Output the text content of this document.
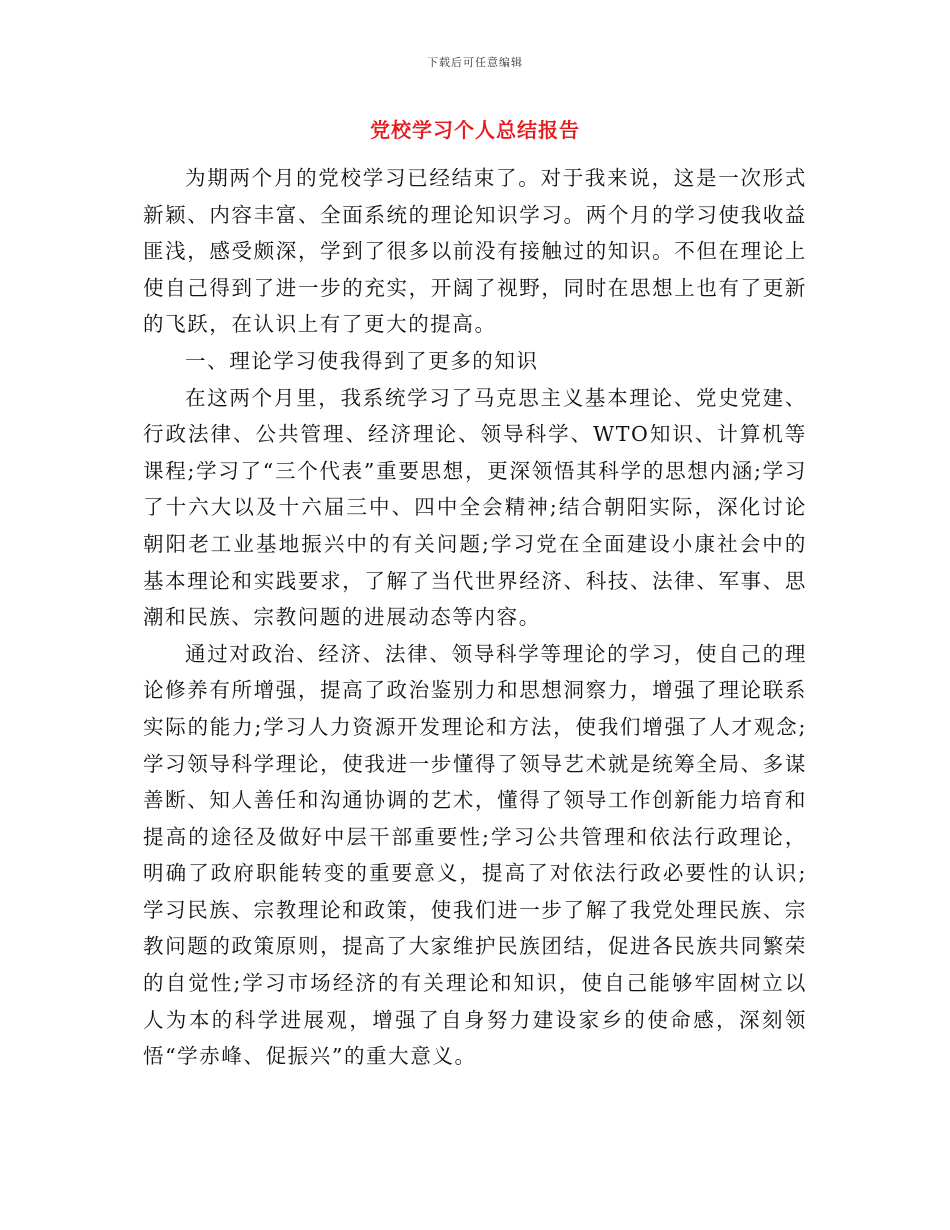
下载后可任意编辑
党校学习个人总结报告

为期两个月的党校学习已经结束了。对于我来说，这是一次形式新颖、内容丰富、全面系统的理论知识学习。两个月的学习使我收益匪浅，感受颇深，学到了很多以前没有接触过的知识。不但在理论上使自己得到了进一步的充实，开阔了视野，同时在思想上也有了更新的飞跃，在认识上有了更大的提高。

一、理论学习使我得到了更多的知识

在这两个月里，我系统学习了马克思主义基本理论、党史党建、行政法律、公共管理、经济理论、领导科学、WTO知识、计算机等课程;学习了“三个代表”重要思想，更深领悟其科学的思想内涵;学习了十六大以及十六届三中、四中全会精神;结合朝阳实际，深化讨论朝阳老工业基地振兴中的有关问题;学习党在全面建设小康社会中的基本理论和实践要求，了解了当代世界经济、科技、法律、军事、思潮和民族、宗教问题的进展动态等内容。

通过对政治、经济、法律、领导科学等理论的学习，使自己的理论修养有所增强，提高了政治鉴别力和思想洞察力，增强了理论联系实际的能力;学习人力资源开发理论和方法，使我们增强了人才观念;学习领导科学理论，使我进一步懂得了领导艺术就是统筹全局、多谋善断、知人善任和沟通协调的艺术，懂得了领导工作创新能力培育和提高的途径及做好中层干部重要性;学习公共管理和依法行政理论，明确了政府职能转变的重要意义，提高了对依法行政必要性的认识;学习民族、宗教理论和政策，使我们进一步了解了我党处理民族、宗教问题的政策原则，提高了大家维护民族团结，促进各民族共同繁荣的自觉性;学习市场经济的有关理论和知识，使自己能够牢固树立以人为本的科学进展观，增强了自身努力建设家乡的使命感，深刻领悟“学赤峰、促振兴”的重大意义。
